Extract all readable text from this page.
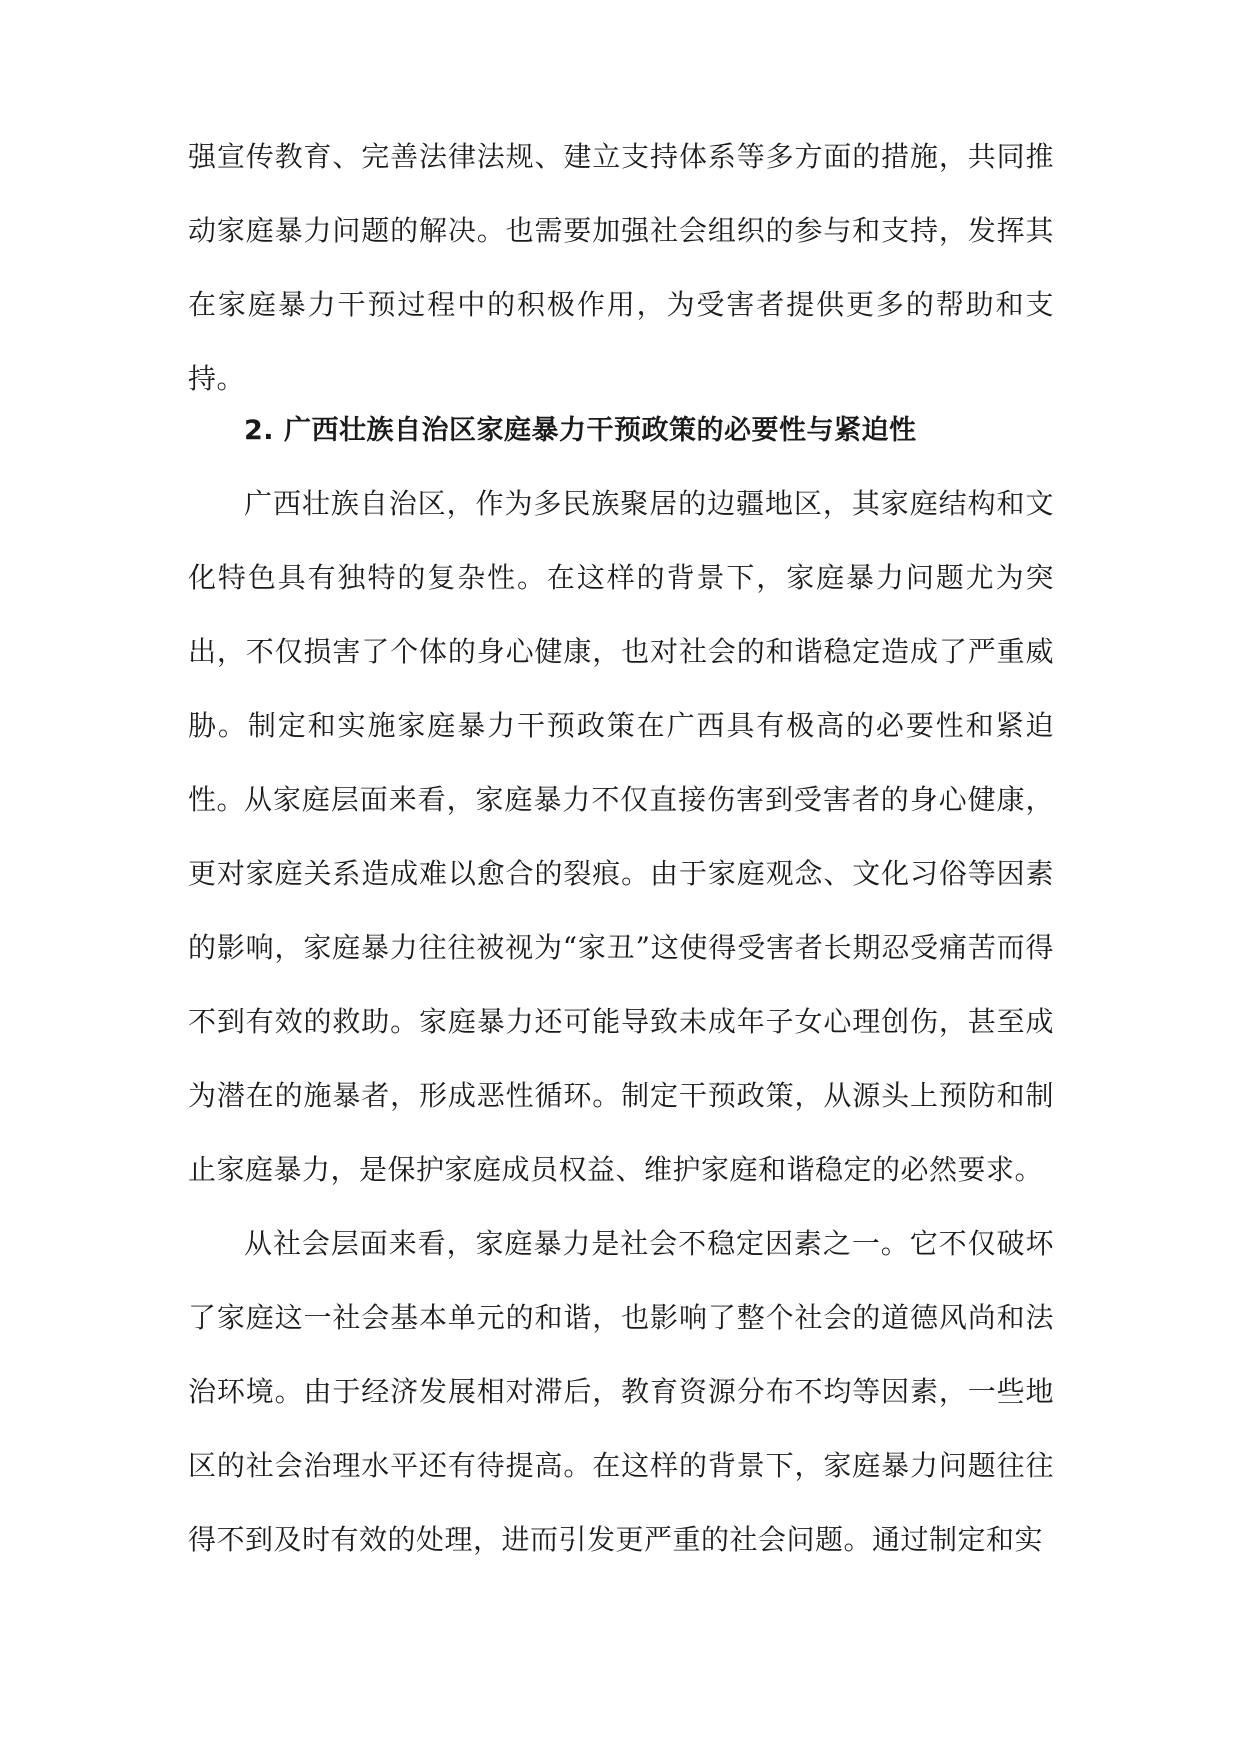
强宣传教育、完善法律法规、建立支持体系等多方面的措施，共同推动家庭暴力问题的解决。也需要加强社会组织的参与和支持，发挥其在家庭暴力干预过程中的积极作用，为受害者提供更多的帮助和支持。

2. 广西壮族自治区家庭暴力干预政策的必要性与紧迫性

广西壮族自治区，作为多民族聚居的边疆地区，其家庭结构和文化特色具有独特的复杂性。在这样的背景下，家庭暴力问题尤为突出，不仅损害了个体的身心健康，也对社会的和谐稳定造成了严重威胁。制定和实施家庭暴力干预政策在广西具有极高的必要性和紧迫性。

从家庭层面来看，家庭暴力不仅直接伤害到受害者的身心健康，更对家庭关系造成难以愈合的裂痕。由于家庭观念、文化习俗等因素的影响，家庭暴力往往被视为“家丑”这使得受害者长期忍受痛苦而得不到有效的救助。家庭暴力还可能导致未成年子女心理创伤，甚至成为潜在的施暴者，形成恶性循环。制定干预政策，从源头上预防和制止家庭暴力，是保护家庭成员权益、维护家庭和谐稳定的必然要求。

从社会层面来看，家庭暴力是社会不稳定因素之一。它不仅破坏了家庭这一社会基本单元的和谐，也影响了整个社会的道德风尚和法治环境。由于经济发展相对滞后，教育资源分布不均等因素，一些地区的社会治理水平还有待提高。在这样的背景下，家庭暴力问题往往得不到及时有效的处理，进而引发更严重的社会问题。通过制定和实
